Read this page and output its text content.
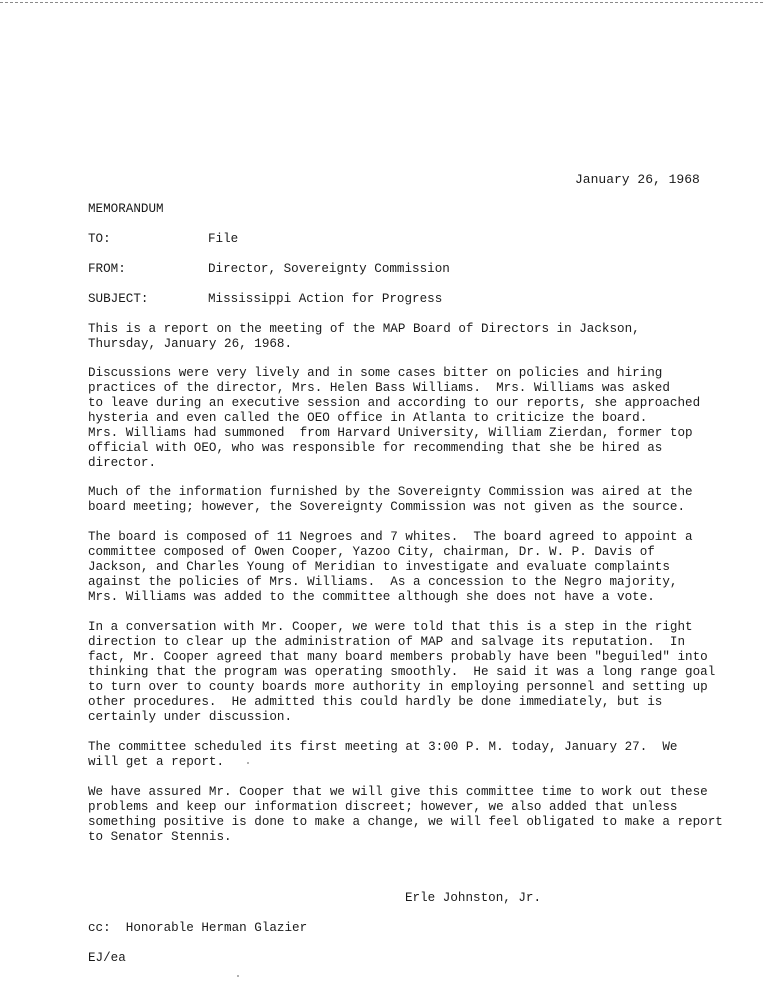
January 26, 1968
MEMORANDUM
TO:	File
FROM:	Director, Sovereignty Commission
SUBJECT:	Mississippi Action for Progress
This is a report on the meeting of the MAP Board of Directors in Jackson,
Thursday, January 26, 1968.
Discussions were very lively and in some cases bitter on policies and hiring
practices of the director, Mrs. Helen Bass Williams.  Mrs. Williams was asked
to leave during an executive session and according to our reports, she approached
hysteria and even called the OEO office in Atlanta to criticize the board.
Mrs. Williams had summoned  from Harvard University, William Zierdan, former top
official with OEO, who was responsible for recommending that she be hired as
director.
Much of the information furnished by the Sovereignty Commission was aired at the
board meeting; however, the Sovereignty Commission was not given as the source.
The board is composed of 11 Negroes and 7 whites.  The board agreed to appoint a
committee composed of Owen Cooper, Yazoo City, chairman, Dr. W. P. Davis of
Jackson, and Charles Young of Meridian to investigate and evaluate complaints
against the policies of Mrs. Williams.  As a concession to the Negro majority,
Mrs. Williams was added to the committee although she does not have a vote.
In a conversation with Mr. Cooper, we were told that this is a step in the right
direction to clear up the administration of MAP and salvage its reputation.  In
fact, Mr. Cooper agreed that many board members probably have been "beguiled" into
thinking that the program was operating smoothly.  He said it was a long range goal
to turn over to county boards more authority in employing personnel and setting up
other procedures.  He admitted this could hardly be done immediately, but is
certainly under discussion.
The committee scheduled its first meeting at 3:00 P. M. today, January 27.  We
will get a report.
We have assured Mr. Cooper that we will give this committee time to work out these
problems and keep our information discreet; however, we also added that unless
something positive is done to make a change, we will feel obligated to make a report
to Senator Stennis.
Erle Johnston, Jr.
cc:  Honorable Herman Glazier
EJ/ea
